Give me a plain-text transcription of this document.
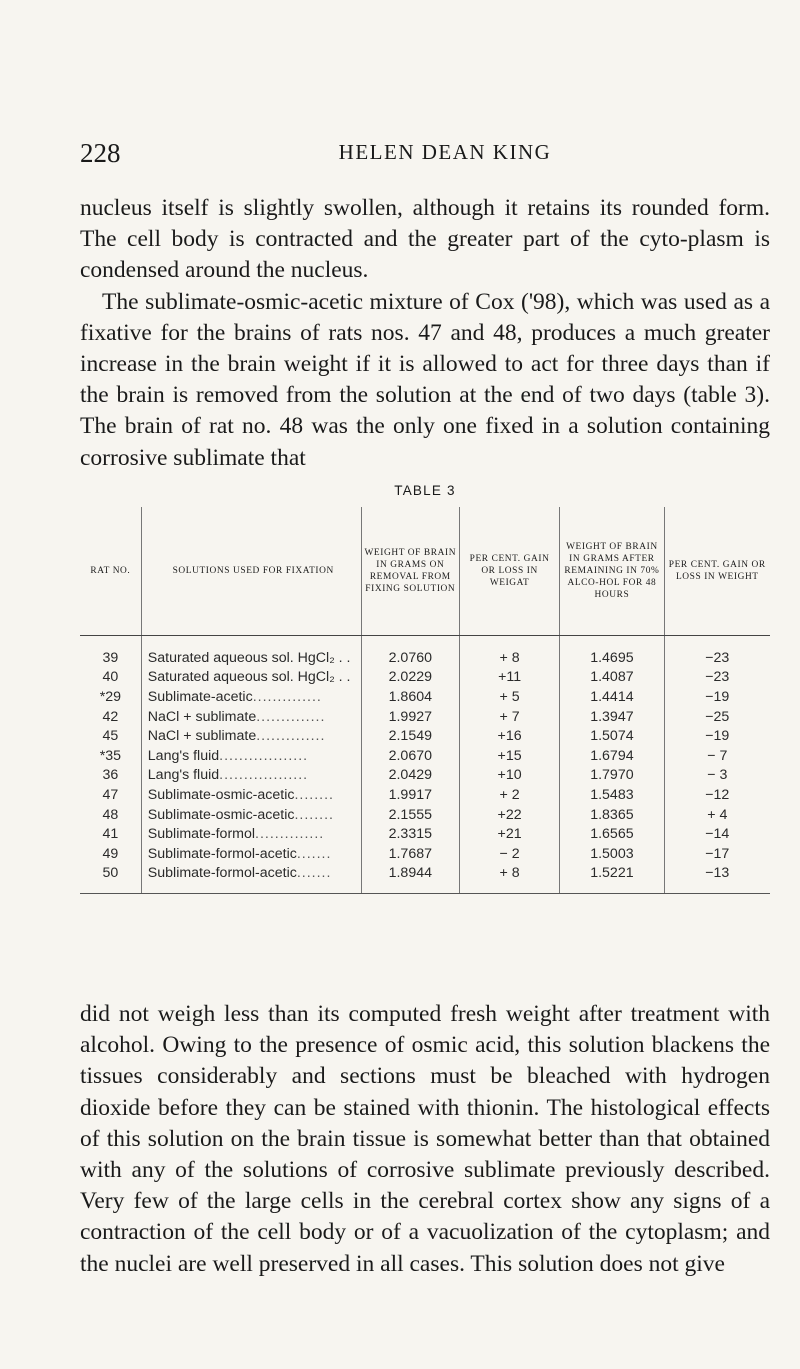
228	HELEN DEAN KING

nucleus itself is slightly swollen, although it retains its rounded form. The cell body is contracted and the greater part of the cyto-plasm is condensed around the nucleus.

The sublimate-osmic-acetic mixture of Cox ('98), which was used as a fixative for the brains of rats nos. 47 and 48, produces a much greater increase in the brain weight if it is allowed to act for three days than if the brain is removed from the solution at the end of two days (table 3). The brain of rat no. 48 was the only one fixed in a solution containing corrosive sublimate that

TABLE 3
RAT NO.	SOLUTIONS USED FOR FIXATION	WEIGHT OF BRAIN IN GRAMS ON REMOVAL FROM FIXING SOLUTION	PER CENT. GAIN OR LOSS IN WEIGAT	WEIGHT OF BRAIN IN GRAMS AFTER REMAINING IN 70% ALCO-HOL FOR 48 HOURS	PER CENT. GAIN OR LOSS IN WEIGHT
39	Saturated aqueous sol. HgCl₂ . .	2.0760	+ 8	1.4695	−23
40	Saturated aqueous sol. HgCl₂ . .	2.0229	+11	1.4087	−23
*29	Sublimate-acetic..............	1.8604	+ 5	1.4414	−19
42	NaCl + sublimate..............	1.9927	+ 7	1.3947	−25
45	NaCl + sublimate..............	2.1549	+16	1.5074	−19
*35	Lang's fluid..................	2.0670	+15	1.6794	− 7
36	Lang's fluid..................	2.0429	+10	1.7970	− 3
47	Sublimate-osmic-acetic........	1.9917	+ 2	1.5483	−12
48	Sublimate-osmic-acetic........	2.1555	+22	1.8365	+ 4
41	Sublimate-formol..............	2.3315	+21	1.6565	−14
49	Sublimate-formol-acetic.......	1.7687	− 2	1.5003	−17
50	Sublimate-formol-acetic.......	1.8944	+ 8	1.5221	−13

did not weigh less than its computed fresh weight after treatment with alcohol. Owing to the presence of osmic acid, this solution blackens the tissues considerably and sections must be bleached with hydrogen dioxide before they can be stained with thionin. The histological effects of this solution on the brain tissue is somewhat better than that obtained with any of the solutions of corrosive sublimate previously described. Very few of the large cells in the cerebral cortex show any signs of a contraction of the cell body or of a vacuolization of the cytoplasm; and the nuclei are well preserved in all cases. This solution does not give
